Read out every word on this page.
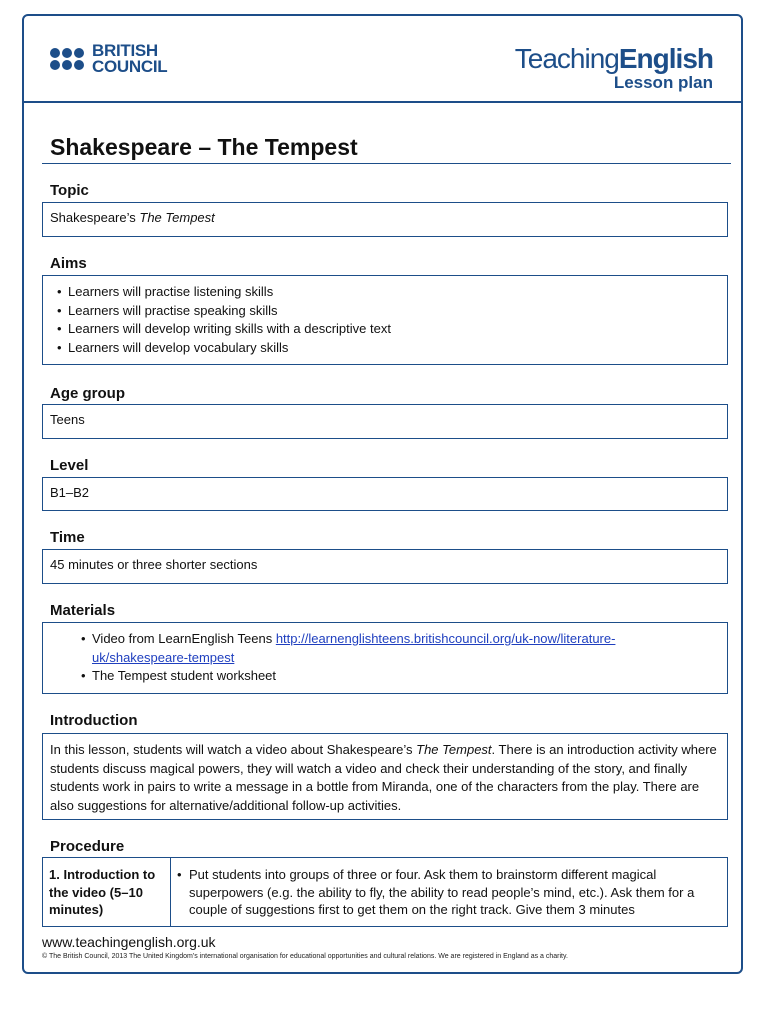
BRITISH
COUNCIL	TeachingEnglish
Lesson plan
Shakespeare – The Tempest
Topic
Shakespeare’s The Tempest
Aims
• Learners will practise listening skills
• Learners will practise speaking skills
• Learners will develop writing skills with a descriptive text
• Learners will develop vocabulary skills
Age group
Teens
Level
B1–B2
Time
45 minutes or three shorter sections
Materials
• Video from LearnEnglish Teens http://learnenglishteens.britishcouncil.org/uk-now/literature-
uk/shakespeare-tempest
• The Tempest student worksheet
Introduction
In this lesson, students will watch a video about Shakespeare’s The Tempest. There is an introduction activity where students discuss magical powers, they will watch a video and check their understanding of the story, and finally students work in pairs to write a message in a bottle from Miranda, one of the characters from the play. There are also suggestions for alternative/additional follow-up activities.
Procedure
1. Introduction to the video (5–10 minutes)
• Put students into groups of three or four. Ask them to brainstorm different magical superpowers (e.g. the ability to fly, the ability to read people’s mind, etc.). Ask them for a couple of suggestions first to get them on the right track. Give them 3 minutes
www.teachingenglish.org.uk
© The British Council, 2013 The United Kingdom’s international organisation for educational opportunities and cultural relations. We are registered in England as a charity.
